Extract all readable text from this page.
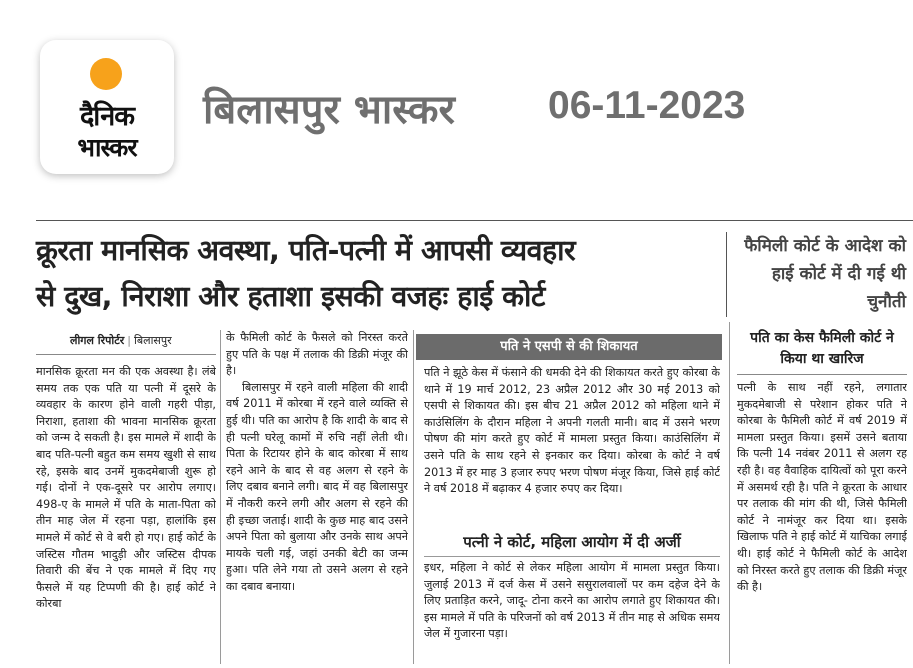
दैनिक
भास्कर
बिलासपुर भास्कर 06-11-2023
क्रूरता मानसिक अवस्था, पति-पत्नी में आपसी व्यवहार
से दुख, निराशा और हताशा इसकी वजहः हाई कोर्ट
फैमिली कोर्ट के आदेश को हाई कोर्ट में दी गई थी चुनौती
लीगल रिपोर्टर | बिलासपुर
मानसिक क्रूरता मन की एक अवस्था है। लंबे समय तक एक पति या पत्नी में दूसरे के व्यवहार के कारण होने वाली गहरी पीड़ा, निराशा, हताशा की भावना मानसिक क्रूरता को जन्म दे सकती है। इस मामले में शादी के बाद पति-पत्नी बहुत कम समय खुशी से साथ रहे, इसके बाद उनमें मुकदमेबाजी शुरू हो गई। दोनों ने एक-दूसरे पर आरोप लगाए। 498-ए के मामले में पति के माता-पिता को तीन माह जेल में रहना पड़ा, हालांकि इस मामले में कोर्ट से वे बरी हो गए। हाई कोर्ट के जस्टिस गौतम भादुड़ी और जस्टिस दीपक तिवारी की बेंच ने एक मामले में दिए गए फैसले में यह टिप्पणी की है। हाई कोर्ट ने कोरबा

के फैमिली कोर्ट के फैसले को निरस्त करते हुए पति के पक्ष में तलाक की डिक्री मंजूर की है।

बिलासपुर में रहने वाली महिला की शादी वर्ष 2011 में कोरबा में रहने वाले व्यक्ति से हुई थी। पति का आरोप है कि शादी के बाद से ही पत्नी घरेलू कामों में रुचि नहीं लेती थी। पिता के रिटायर होने के बाद कोरबा में साथ रहने आने के बाद से वह अलग से रहने के लिए दबाव बनाने लगी। बाद में वह बिलासपुर में नौकरी करने लगी और अलग से रहने की ही इच्छा जताई। शादी के कुछ माह बाद उसने अपने पिता को बुलाया और उनके साथ अपने मायके चली गई, जहां उनकी बेटी का जन्म हुआ। पति लेने गया तो उसने अलग से रहने का दबाव बनाया।

पति ने एसपी से की शिकायत
पति ने झूठे केस में फंसाने की धमकी देने की शिकायत करते हुए कोरबा के थाने में 19 मार्च 2012, 23 अप्रैल 2012 और 30 मई 2013 को एसपी से शिकायत की। इस बीच 21 अप्रैल 2012 को महिला थाने में काउंसिलिंग के दौरान महिला ने अपनी गलती मानी। बाद में उसने भरण पोषण की मांग करते हुए कोर्ट में मामला प्रस्तुत किया। काउंसिलिंग में उसने पति के साथ रहने से इनकार कर दिया। कोरबा के कोर्ट ने वर्ष 2013 में हर माह 3 हजार रुपए भरण पोषण मंजूर किया, जिसे हाई कोर्ट ने वर्ष 2018 में बढ़ाकर 4 हजार रुपए कर दिया।
पत्नी ने कोर्ट, महिला आयोग में दी अर्जी
इधर, महिला ने कोर्ट से लेकर महिला आयोग में मामला प्रस्तुत किया। जुलाई 2013 में दर्ज केस में उसने ससुरालवालों पर कम दहेज देने के लिए प्रताड़ित करने, जादू- टोना करने का आरोप लगाते हुए शिकायत की। इस मामले में पति के परिजनों को वर्ष 2013 में तीन माह से अधिक समय जेल में गुजारना पड़ा।
पति का केस फैमिली कोर्ट ने किया था खारिज
पत्नी के साथ नहीं रहने, लगातार मुकदमेबाजी से परेशान होकर पति ने कोरबा के फैमिली कोर्ट में वर्ष 2019 में मामला प्रस्तुत किया। इसमें उसने बताया कि पत्नी 14 नवंबर 2011 से अलग रह रही है। वह वैवाहिक दायित्वों को पूरा करने में असमर्थ रही है। पति ने क्रूरता के आधार पर तलाक की मांग की थी, जिसे फैमिली कोर्ट ने नामंजूर कर दिया था। इसके खिलाफ पति ने हाई कोर्ट में याचिका लगाई थी। हाई कोर्ट ने फैमिली कोर्ट के आदेश को निरस्त करते हुए तलाक की डिक्री मंजूर की है।
